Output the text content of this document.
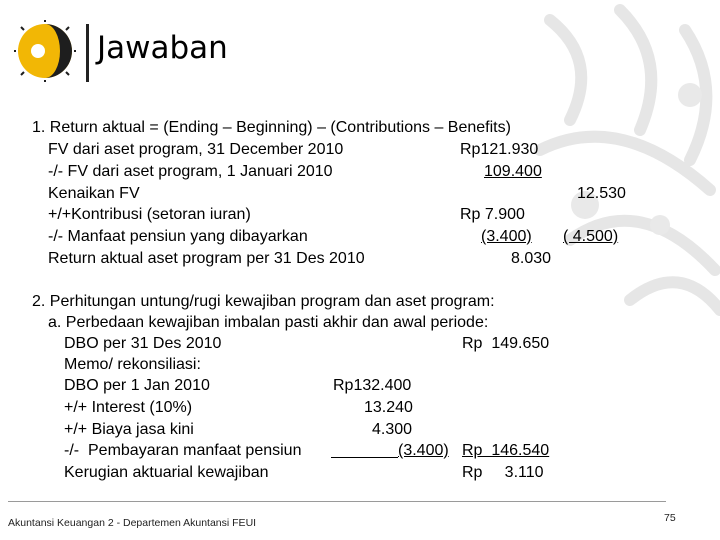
Jawaban
1. Return aktual = (Ending – Beginning) – (Contributions – Benefits)
FV dari aset program, 31 December 2010	Rp121.930
-/- FV dari aset program, 1 Januari 2010	109.400
Kenaikan FV	12.530
+/+Kontribusi (setoran iuran)	Rp 7.900
-/- Manfaat pensiun yang dibayarkan	(3.400) ( 4.500)
Return aktual aset program per 31 Des 2010	8.030
2. Perhitungan untung/rugi kewajiban program dan aset program:
a. Perbedaan kewajiban imbalan pasti akhir dan awal periode:
DBO per 31 Des 2010	Rp  149.650
Memo/ rekonsiliasi:
DBO per 1 Jan 2010	Rp132.400
+/+ Interest (10%)	13.240
+/+ Biaya jasa kini	4.300
-/-  Pembayaran manfaat pensiun	(3.400) Rp  146.540
Kerugian aktuarial kewajiban	Rp     3.110
Akuntansi Keuangan 2 - Departemen Akuntansi FEUI	75
